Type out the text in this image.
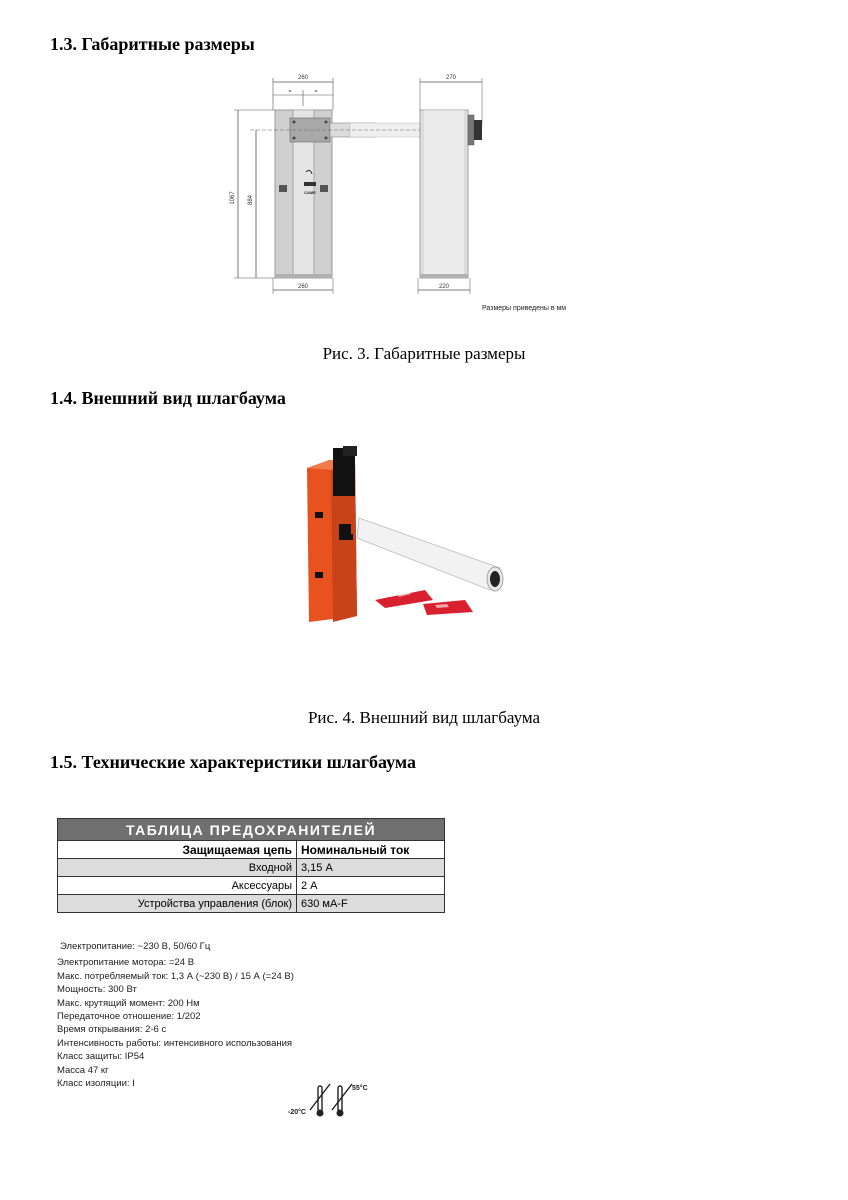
1.3. Габаритные размеры
260
=	=
CAME
1067 884
260
270
220
Размеры приведены в мм
Рис. 3. Габаритные размеры
1.4. Внешний вид шлагбаума
Рис. 4. Внешний вид шлагбаума
1.5. Технические характеристики шлагбаума
ТАБЛИЦА ПРЕДОХРАНИТЕЛЕЙ	
Защищаемая цепь	Номинальный ток
Входной	3,15 А
Аксессуары	2 А
Устройства управления (блок)	630 мА-F
Электропитание: ~230 В, 50/60 Гц
Электропитание мотора: =24 В
Макс. потребляемый ток: 1,3 А (~230 В) / 15 А (=24 В)
Мощность: 300 Вт
Макс. крутящий момент: 200 Нм
Передаточное отношение: 1/202
Время открывания: 2-6 с
Интенсивность работы: интенсивного использования
Класс защиты: IP54
Масса 47 кг
Класс изоляции: I
-20°C
55°C
